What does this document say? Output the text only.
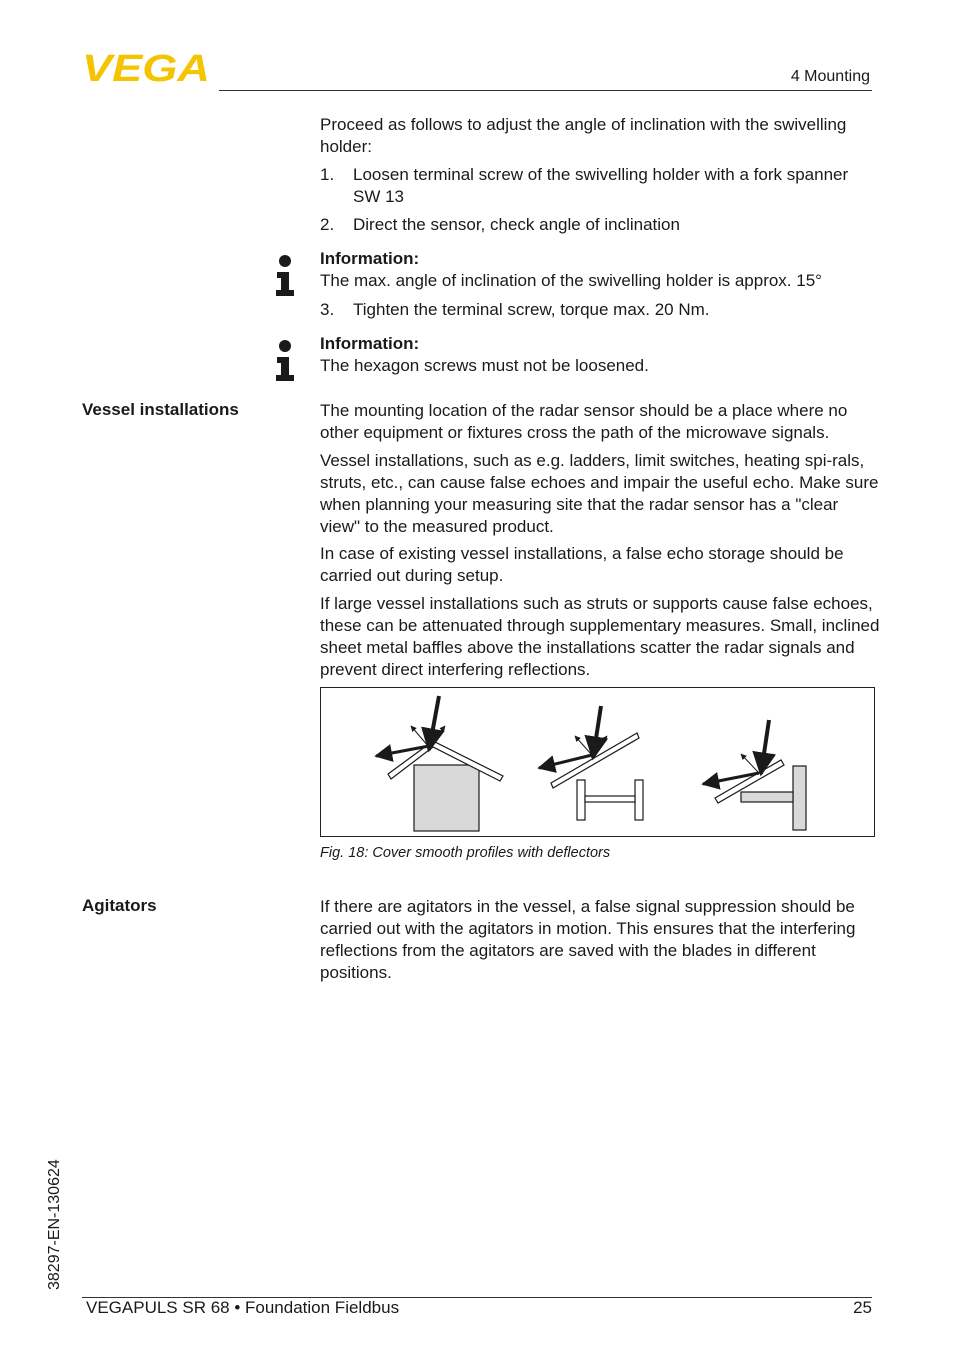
VEGA	4 Mounting

Proceed as follows to adjust the angle of inclination with the swivelling holder:

1. Loosen terminal screw of the swivelling holder with a fork spanner SW 13
2. Direct the sensor, check angle of inclination
Information:
The max. angle of inclination of the swivelling holder is approx. 15°
3. Tighten the terminal screw, torque max. 20 Nm.
Information:
The hexagon screws must not be loosened.
Vessel installations	The mounting location of the radar sensor should be a place where no other equipment or fixtures cross the path of the microwave signals.

Vessel installations, such as e.g. ladders, limit switches, heating spi-rals, struts, etc., can cause false echoes and impair the useful echo. Make sure when planning your measuring site that the radar sensor has a "clear view" to the measured product.

In case of existing vessel installations, a false echo storage should be carried out during setup.

If large vessel installations such as struts or supports cause false echoes, these can be attenuated through supplementary measures. Small, inclined sheet metal baffles above the installations scatter the radar signals and prevent direct interfering reflections.

Fig. 18: Cover smooth profiles with deflectors
Agitators	If there are agitators in the vessel, a false signal suppression should be carried out with the agitators in motion. This ensures that the interfering reflections from the agitators are saved with the blades in different positions.

38297-EN-130624
VEGAPULS SR 68 • Foundation Fieldbus	25
